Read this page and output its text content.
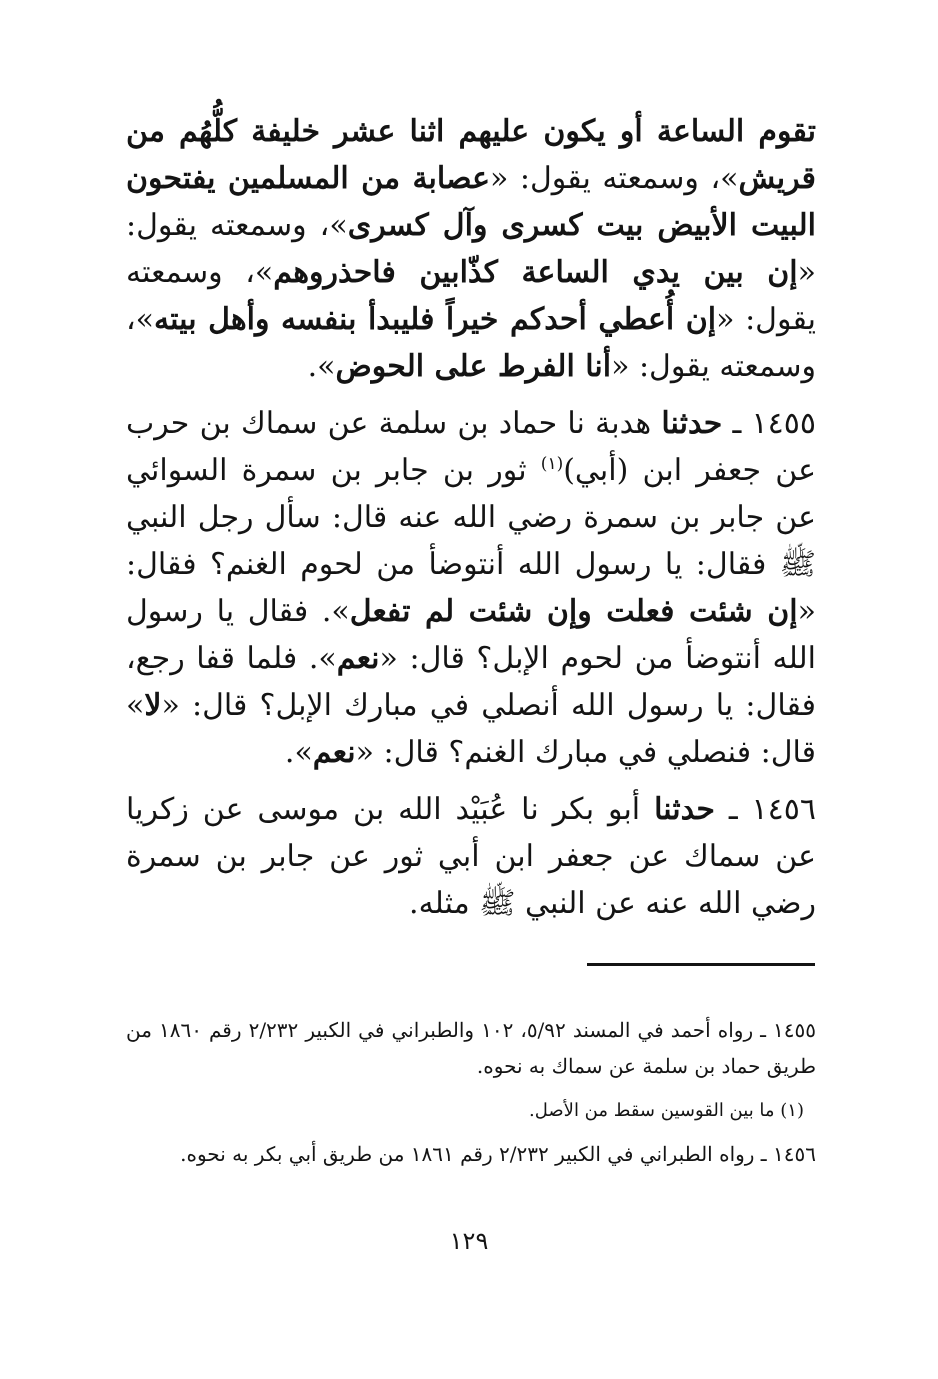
تقوم الساعة أو يكون عليهم اثنا عشر خليفة كلُّهُم من قريش»، وسمعته يقول: «عصابة من المسلمين يفتحون البيت الأبيض بيت كسرى وآل كسرى»، وسمعته يقول: «إن بين يدي الساعة كذّابين فاحذروهم»، وسمعته يقول: «إن أُعطي أحدكم خيراً فليبدأ بنفسه وأهل بيته»، وسمعته يقول: «أنا الفرط على الحوض».

١٤٥٥ ـ حدثنا هدبة نا حماد بن سلمة عن سماك بن حرب عن جعفر ابن (أبي)$^{(١)}$ ثور بن جابر بن سمرة السوائي عن جابر بن سمرة رضي الله عنه قال: سأل رجل النبي ﷺ فقال: يا رسول الله أنتوضأ من لحوم الغنم؟ فقال: «إن شئت فعلت وإن شئت لم تفعل». فقال يا رسول الله أنتوضأ من لحوم الإبل؟ قال: «نعم». فلما قفا رجع، فقال: يا رسول الله أنصلي في مبارك الإبل؟ قال: «لا» قال: فنصلي في مبارك الغنم؟ قال: «نعم».

١٤٥٦ ـ حدثنا أبو بكر نا عُبَيْد الله بن موسى عن زكريا عن سماك عن جعفر ابن أبي ثور عن جابر بن سمرة رضي الله عنه عن النبي ﷺ مثله.

١٤٥٥ ـ رواه أحمد في المسند ٥/٩٢، ١٠٢ والطبراني في الكبير ٢/٢٣٢ رقم ١٨٦٠ من طريق حماد بن سلمة عن سماك به نحوه.

(١) ما بين القوسين سقط من الأصل.

١٤٥٦ ـ رواه الطبراني في الكبير ٢/٢٣٢ رقم ١٨٦١ من طريق أبي بكر به نحوه.

١٢٩
